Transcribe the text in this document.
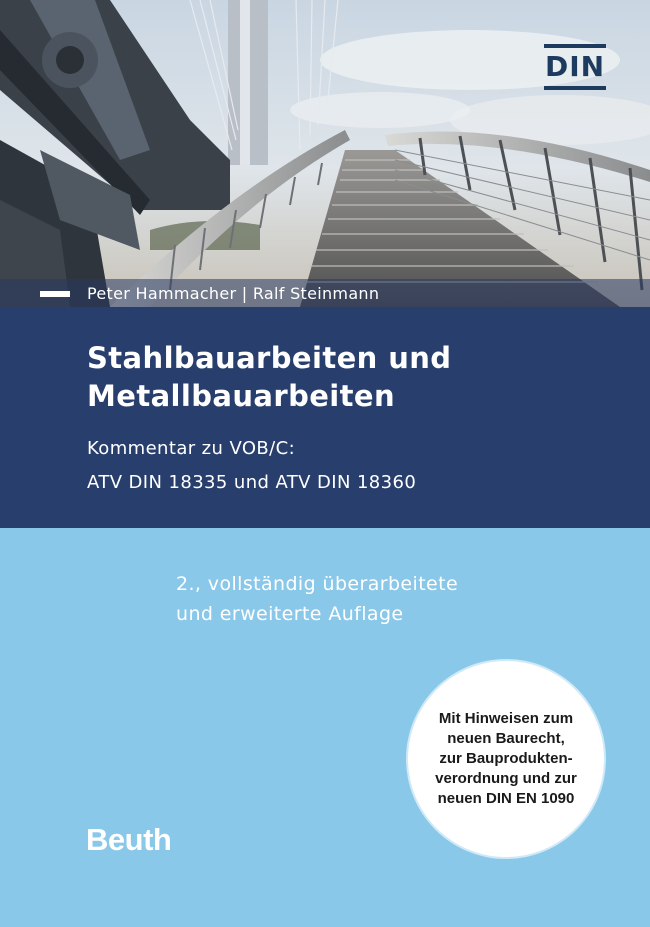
DIN
Peter Hammacher | Ralf Steinmann
Stahlbauarbeiten und
Metallbauarbeiten
Kommentar zu VOB/C:
ATV DIN 18335 und ATV DIN 18360
2., vollständig überarbeitete
und erweiterte Auflage
Mit Hinweisen zum
neuen Baurecht,
zur Bauprodukten-
verordnung und zur
neuen DIN EN 1090
Beuth
